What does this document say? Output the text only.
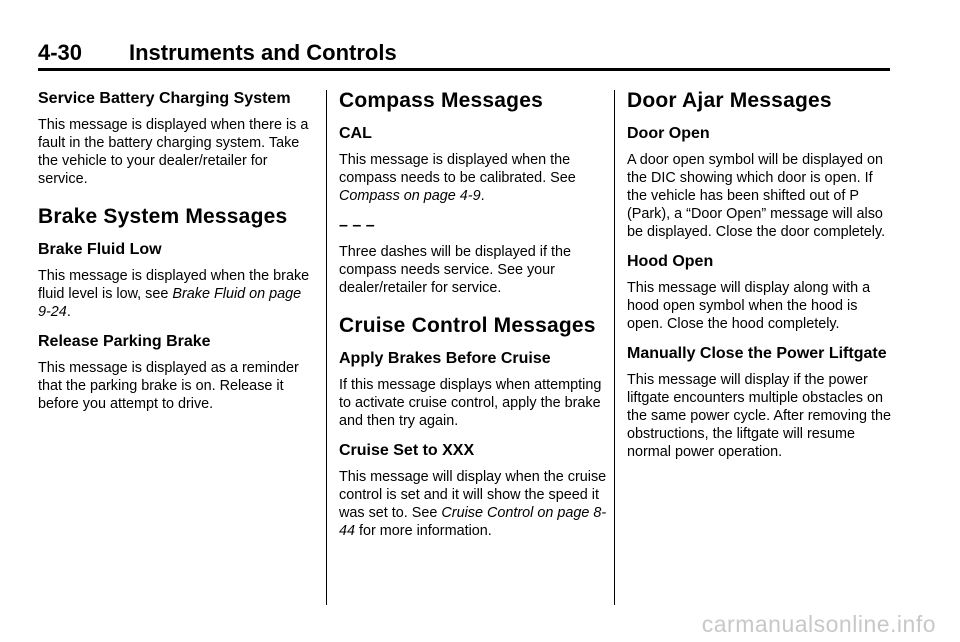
4-30 Instruments and Controls
Service Battery Charging System

This message is displayed when there is a fault in the battery charging system. Take the vehicle to your dealer/retailer for service.

Brake System Messages
Brake Fluid Low

This message is displayed when the brake fluid level is low, see Brake Fluid on page 9-24.

Release Parking Brake

This message is displayed as a reminder that the parking brake is on. Release it before you attempt to drive.

Compass Messages
CAL

This message is displayed when the compass needs to be calibrated. See Compass on page 4-9.

– – –

Three dashes will be displayed if the compass needs service. See your dealer/retailer for service.

Cruise Control Messages
Apply Brakes Before Cruise

If this message displays when attempting to activate cruise control, apply the brake and then try again.

Cruise Set to XXX

This message will display when the cruise control is set and it will show the speed it was set to. See Cruise Control on page 8-44 for more information.

Door Ajar Messages
Door Open

A door open symbol will be displayed on the DIC showing which door is open. If the vehicle has been shifted out of P (Park), a “Door Open” message will also be displayed. Close the door completely.

Hood Open

This message will display along with a hood open symbol when the hood is open. Close the hood completely.

Manually Close the Power Liftgate

This message will display if the power liftgate encounters multiple obstacles on the same power cycle. After removing the obstructions, the liftgate will resume normal power operation.

carmanualsonline.info
